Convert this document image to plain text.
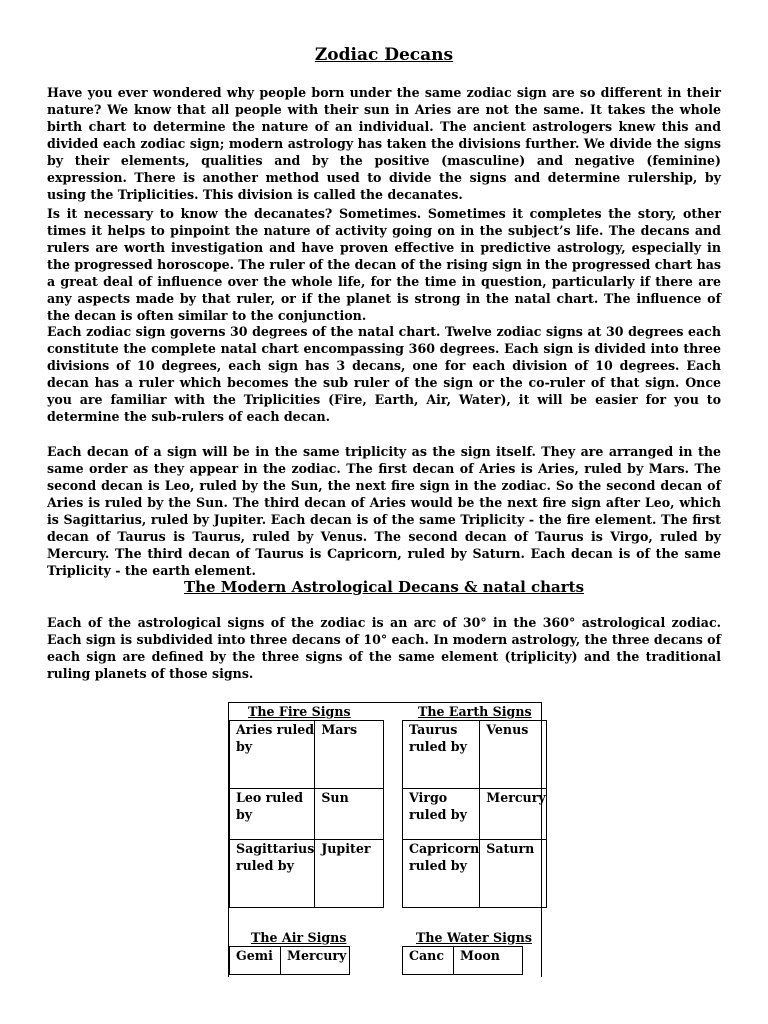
Zodiac Decans

Have you ever wondered why people born under the same zodiac sign are so different in their nature? We know that all people with their sun in Aries are not the same. It takes the whole birth chart to determine the nature of an individual. The ancient astrologers knew this and divided each zodiac sign; modern astrology has taken the divisions further. We divide the signs by their elements, qualities and by the positive (masculine) and negative (feminine) expression. There is another method used to divide the signs and determine rulership, by using the Triplicities. This division is called the decanates.

Is it necessary to know the decanates? Sometimes. Sometimes it completes the story, other times it helps to pinpoint the nature of activity going on in the subject’s life. The decans and rulers are worth investigation and have proven effective in predictive astrology, especially in the progressed horoscope. The ruler of the decan of the rising sign in the progressed chart has a great deal of influence over the whole life, for the time in question, particularly if there are any aspects made by that ruler, or if the planet is strong in the natal chart. The influence of the decan is often similar to the conjunction.

Each zodiac sign governs 30 degrees of the natal chart. Twelve zodiac signs at 30 degrees each constitute the complete natal chart encompassing 360 degrees. Each sign is divided into three divisions of 10 degrees, each sign has 3 decans, one for each division of 10 degrees. Each decan has a ruler which becomes the sub ruler of the sign or the co-ruler of that sign. Once you are familiar with the Triplicities (Fire, Earth, Air, Water), it will be easier for you to determine the sub-rulers of each decan.

Each decan of a sign will be in the same triplicity as the sign itself. They are arranged in the same order as they appear in the zodiac. The first decan of Aries is Aries, ruled by Mars. The second decan is Leo, ruled by the Sun, the next fire sign in the zodiac. So the second decan of Aries is ruled by the Sun. The third decan of Aries would be the next fire sign after Leo, which is Sagittarius, ruled by Jupiter. Each decan is of the same Triplicity - the fire element. The first decan of Taurus is Taurus, ruled by Venus. The second decan of Taurus is Virgo, ruled by Mercury. The third decan of Taurus is Capricorn, ruled by Saturn. Each decan is of the same Triplicity - the earth element.

The Modern Astrological Decans & natal charts

Each of the astrological signs of the zodiac is an arc of 30° in the 360° astrological zodiac. Each sign is subdivided into three decans of 10° each. In modern astrology, the three decans of each sign are defined by the three signs of the same element (triplicity) and the traditional ruling planets of those signs.

The Fire Signs
Aries ruled by	Mars
Leo ruled by	Sun
Sagittarius ruled by	Jupiter
The Earth Signs
Taurus ruled by	Venus
Virgo ruled by	Mercury
Capricorn ruled by	Saturn
The Air Signs
Gemi	Mercury
The Water Signs
Canc	Moon
